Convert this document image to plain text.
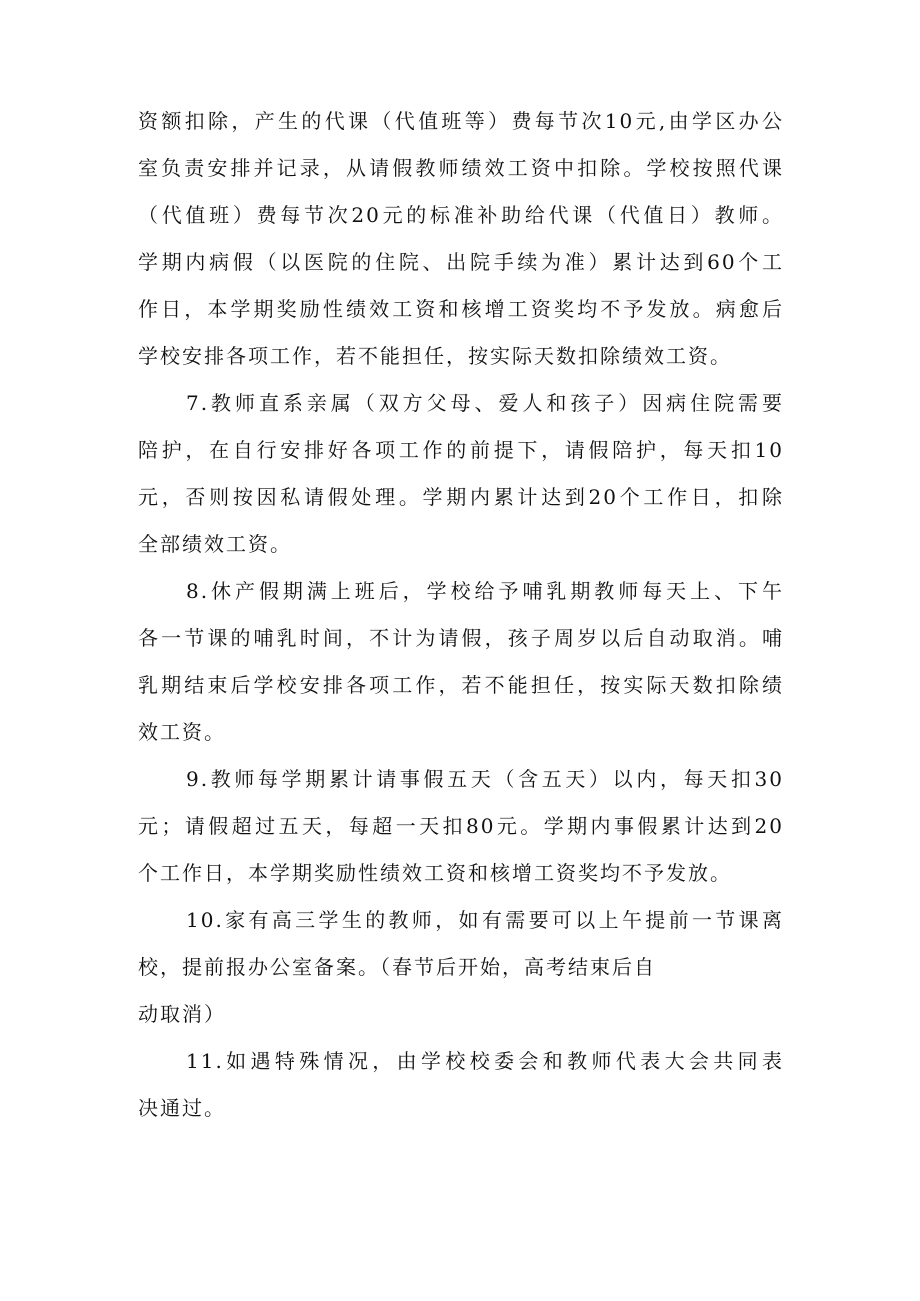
资额扣除，产生的代课（代值班等）费每节次10元,由学区办公
室负责安排并记录，从请假教师绩效工资中扣除。学校按照代课
（代值班）费每节次20元的标准补助给代课（代值日）教师。
学期内病假（以医院的住院、出院手续为准）累计达到60个工
作日，本学期奖励性绩效工资和核增工资奖均不予发放。病愈后
学校安排各项工作，若不能担任，按实际天数扣除绩效工资。
7.教师直系亲属（双方父母、爱人和孩子）因病住院需要
陪护，在自行安排好各项工作的前提下，请假陪护，每天扣10
元，否则按因私请假处理。学期内累计达到20个工作日，扣除
全部绩效工资。
8.休产假期满上班后，学校给予哺乳期教师每天上、下午
各一节课的哺乳时间，不计为请假，孩子周岁以后自动取消。哺
乳期结束后学校安排各项工作，若不能担任，按实际天数扣除绩
效工资。
9.教师每学期累计请事假五天（含五天）以内，每天扣30
元；请假超过五天，每超一天扣80元。学期内事假累计达到20
个工作日，本学期奖励性绩效工资和核增工资奖均不予发放。
10.家有高三学生的教师，如有需要可以上午提前一节课离
校，提前报办公室备案。（春节后开始，高考结束后自
动取消）
11.如遇特殊情况，由学校校委会和教师代表大会共同表
决通过。
